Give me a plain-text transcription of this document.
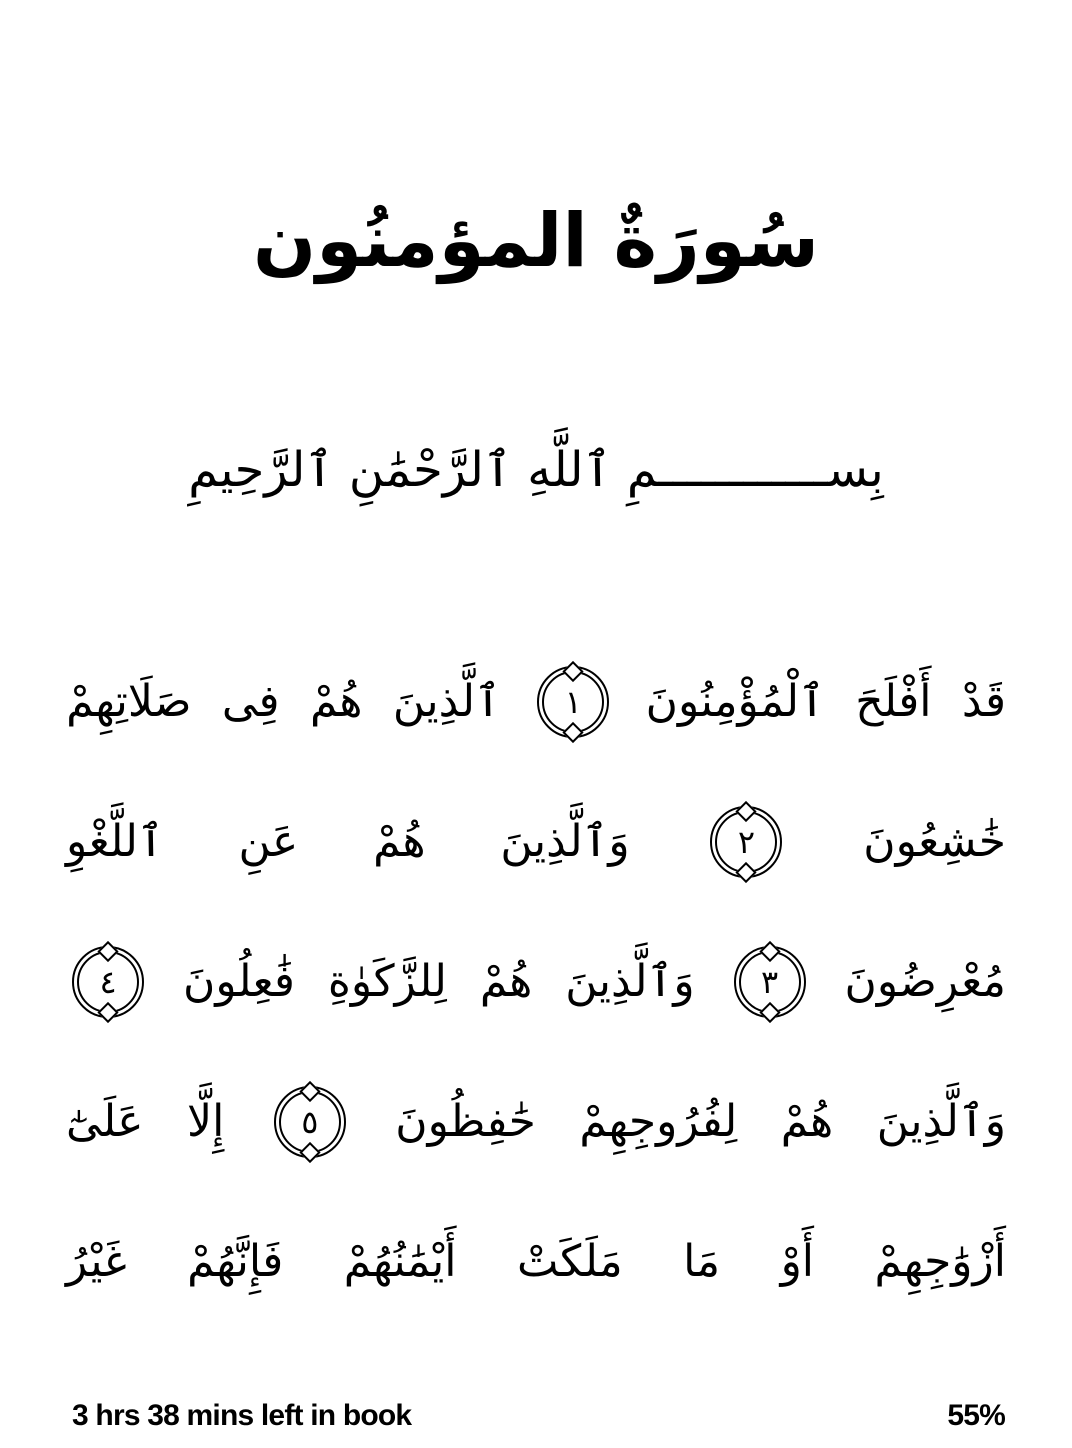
سُورَةٌ المؤمنُون
بِســــــــــــمِ ٱللَّهِ ٱلرَّحْمَٰنِ ٱلرَّحِيمِ
قَدْ
أَفْلَحَ
ٱلْمُؤْمِنُونَ
١
ٱلَّذِينَ
هُمْ
فِى
صَلَاتِهِمْ
خَٰشِعُونَ
٢
وَٱلَّذِينَ
هُمْ
عَنِ
ٱللَّغْوِ
مُعْرِضُونَ
٣
وَٱلَّذِينَ
هُمْ
لِلزَّكَوٰةِ
فَٰعِلُونَ
٤
وَٱلَّذِينَ
هُمْ
لِفُرُوجِهِمْ
حَٰفِظُونَ
٥
إِلَّا
عَلَىٰٓ
أَزْوَٰجِهِمْ
أَوْ
مَا
مَلَكَتْ
أَيْمَٰنُهُمْ
فَإِنَّهُمْ
غَيْرُ
3 hrs 38 mins left in book	55%
